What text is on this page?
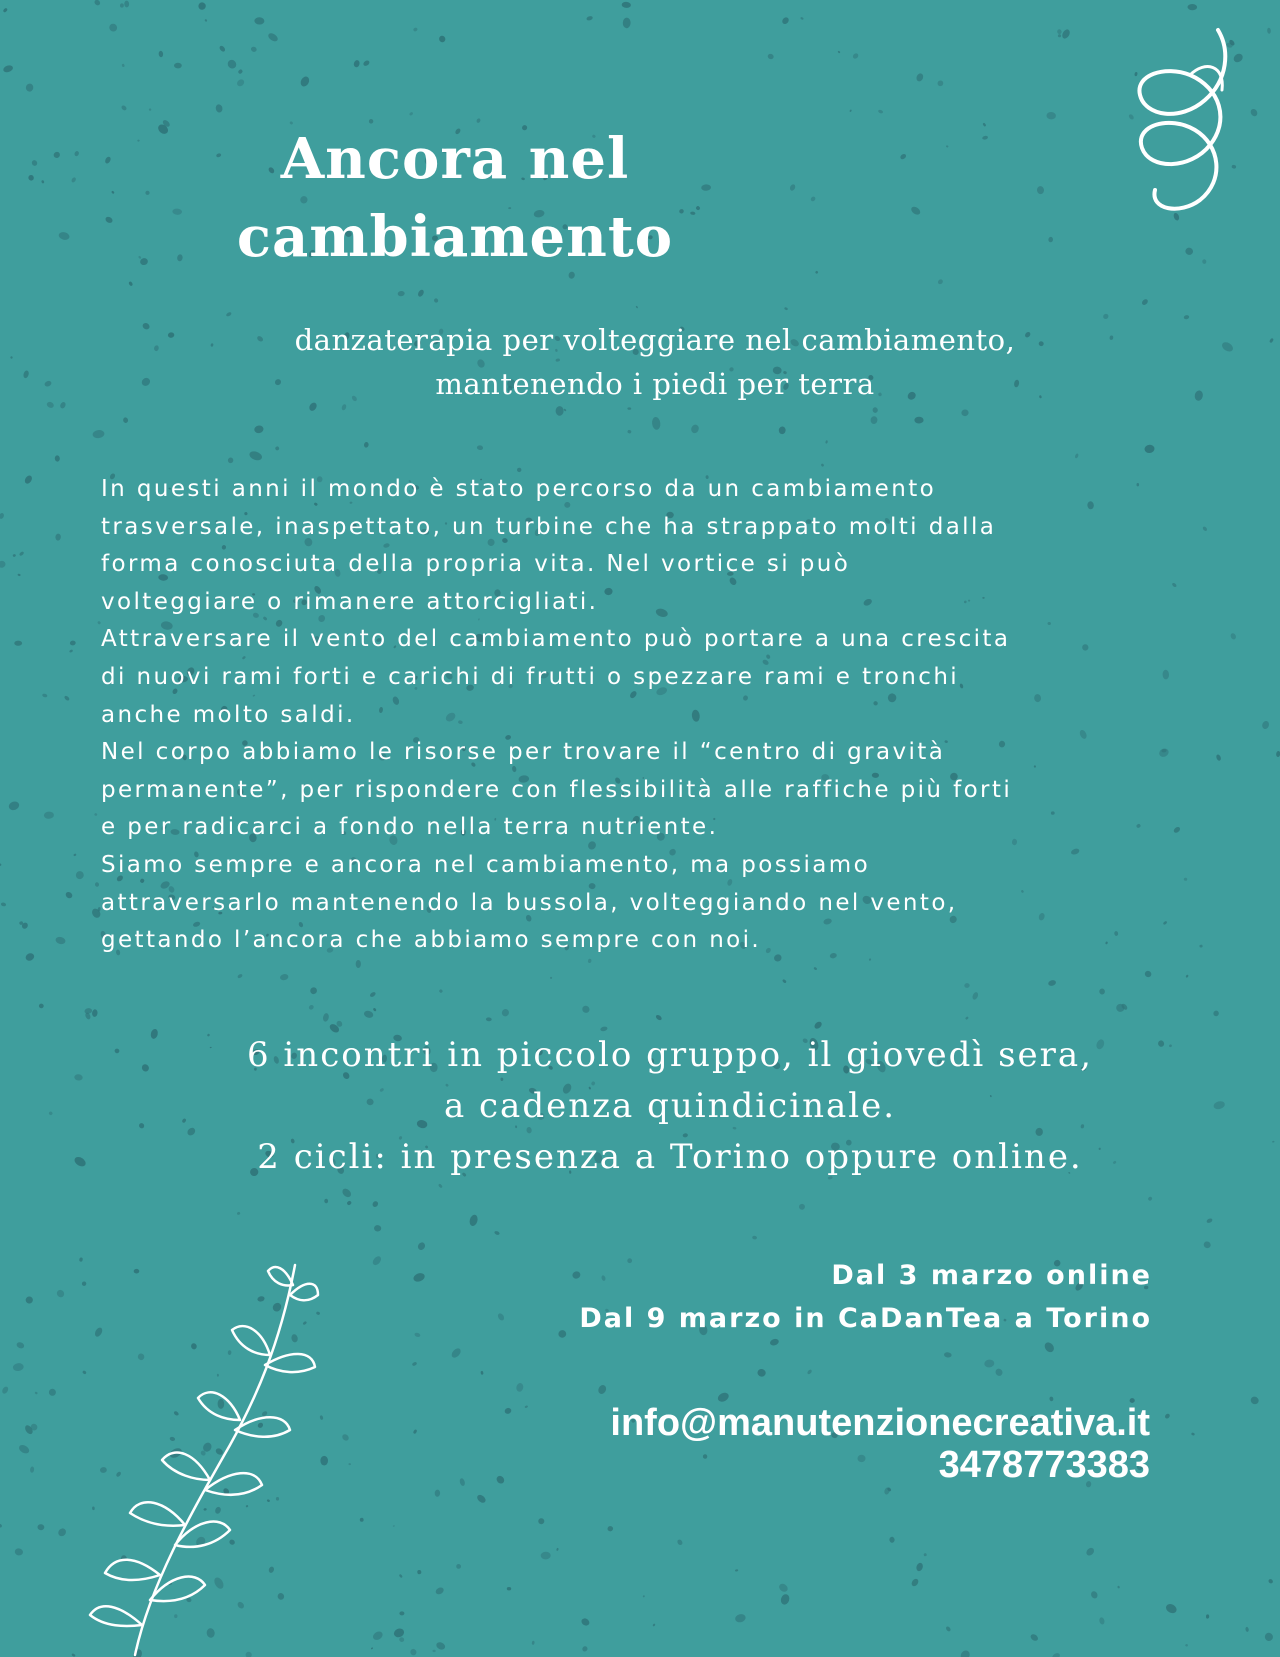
Ancora nel
cambiamento
danzaterapia per volteggiare nel cambiamento,
mantenendo i piedi per terra
In questi anni il mondo è stato percorso da un cambiamento
trasversale, inaspettato, un turbine che ha strappato molti dalla
forma conosciuta della propria vita. Nel vortice si può
volteggiare o rimanere attorcigliati.
Attraversare il vento del cambiamento può portare a una crescita
di nuovi rami forti e carichi di frutti o spezzare rami e tronchi
anche molto saldi.
Nel corpo abbiamo le risorse per trovare il “centro di gravità
permanente”, per rispondere con flessibilità alle raffiche più forti
e per radicarci a fondo nella terra nutriente.
Siamo sempre e ancora nel cambiamento, ma possiamo
attraversarlo mantenendo la bussola, volteggiando nel vento,
gettando l’ancora che abbiamo sempre con noi.
6 incontri in piccolo gruppo, il giovedì sera,
a cadenza quindicinale.
2 cicli: in presenza a Torino oppure online.
Dal 3 marzo online
Dal 9 marzo in CaDanTea a Torino
info@manutenzionecreativa.it
3478773383
